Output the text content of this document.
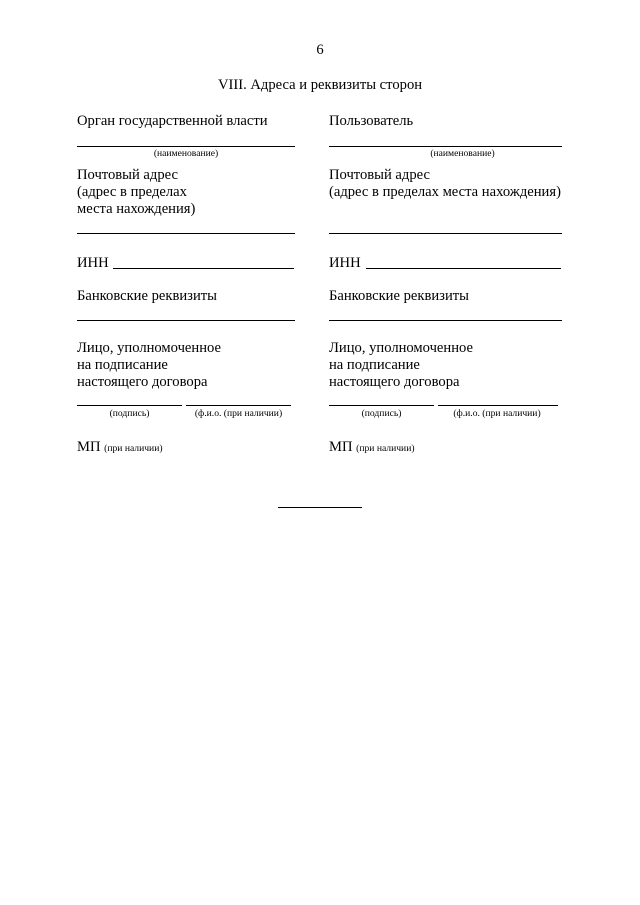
6
VIII. Адреса и реквизиты сторон
Орган государственной власти
(наименование)
Почтовый адрес
(адрес в пределах
места нахождения)
ИНН
Банковские реквизиты
Лицо, уполномоченное
на подписание
настоящего договора
(подпись)	(ф.и.о. (при наличии)
МП (при наличии)
Пользователь
(наименование)
Почтовый адрес
(адрес в пределах места нахождения)
ИНН
Банковские реквизиты
Лицо, уполномоченное
на подписание
настоящего договора
(подпись)	(ф.и.о. (при наличии)
МП (при наличии)
